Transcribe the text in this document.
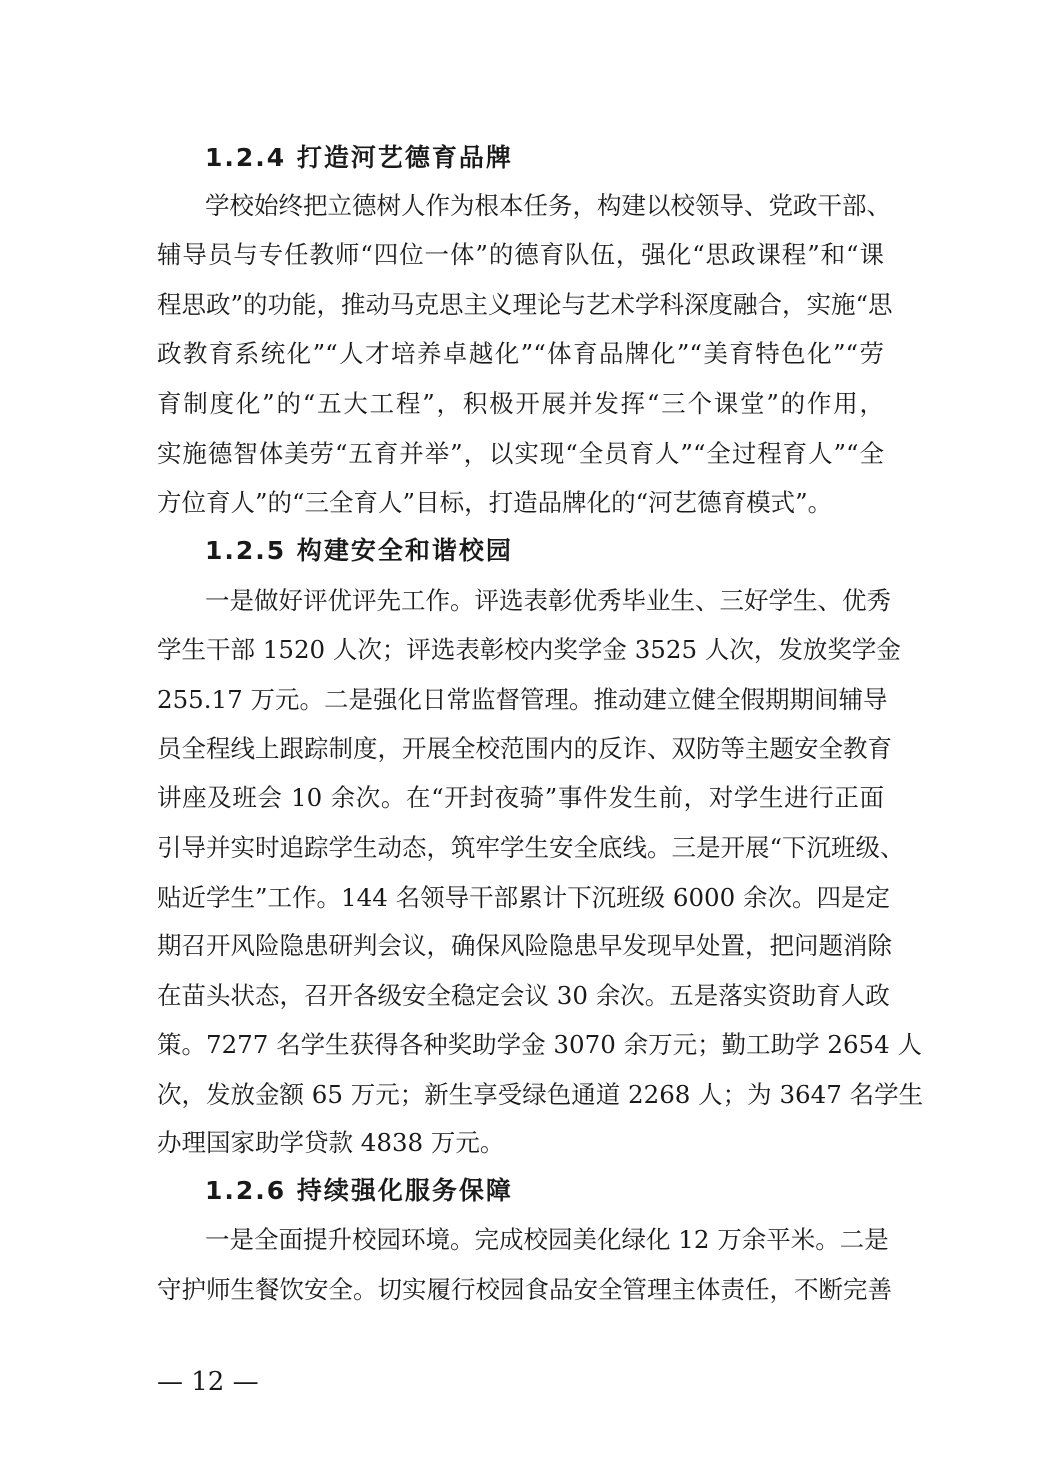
1.2.4 打造河艺德育品牌
学校始终把立德树人作为根本任务，构建以校领导、党政干部、
辅导员与专任教师“四位一体”的德育队伍，强化“思政课程”和“课
程思政”的功能，推动马克思主义理论与艺术学科深度融合，实施“思
政教育系统化”“人才培养卓越化”“体育品牌化”“美育特色化”“劳
育制度化”的“五大工程”，积极开展并发挥“三个课堂”的作用，
实施德智体美劳“五育并举”，以实现“全员育人”“全过程育人”“全
方位育人”的“三全育人”目标，打造品牌化的“河艺德育模式”。
1.2.5 构建安全和谐校园
一是做好评优评先工作。评选表彰优秀毕业生、三好学生、优秀
学生干部 1520 人次；评选表彰校内奖学金 3525 人次，发放奖学金
255.17 万元。二是强化日常监督管理。推动建立健全假期期间辅导
员全程线上跟踪制度，开展全校范围内的反诈、双防等主题安全教育
讲座及班会 10 余次。在“开封夜骑”事件发生前，对学生进行正面
引导并实时追踪学生动态，筑牢学生安全底线。三是开展“下沉班级、
贴近学生”工作。144 名领导干部累计下沉班级 6000 余次。四是定
期召开风险隐患研判会议，确保风险隐患早发现早处置，把问题消除
在苗头状态，召开各级安全稳定会议 30 余次。五是落实资助育人政
策。7277 名学生获得各种奖助学金 3070 余万元；勤工助学 2654 人
次，发放金额 65 万元；新生享受绿色通道 2268 人；为 3647 名学生
办理国家助学贷款 4838 万元。
1.2.6 持续强化服务保障
一是全面提升校园环境。完成校园美化绿化 12 万余平米。二是
守护师生餐饮安全。切实履行校园食品安全管理主体责任，不断完善
— 12 —
